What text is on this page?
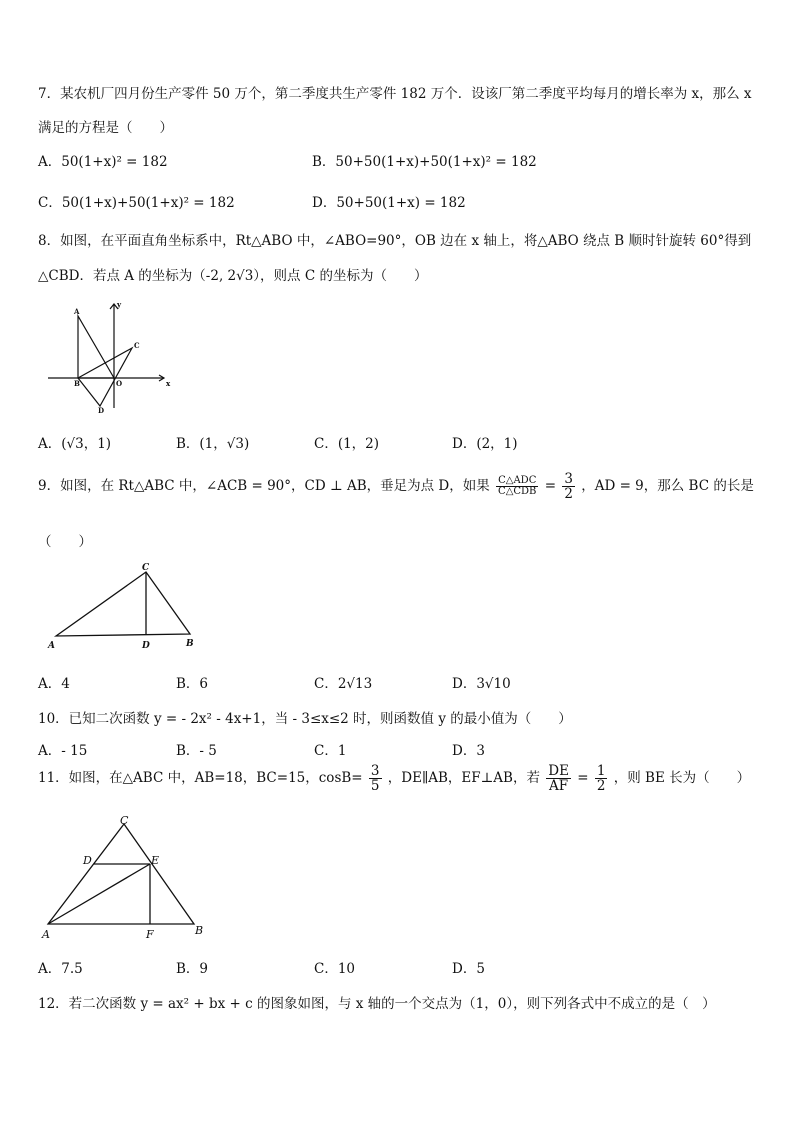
7．某农机厂四月份生产零件 50 万个，第二季度共生产零件 182 万个．设该厂第二季度平均每月的增长率为 x，那么 x
满足的方程是（　　）
A．50(1+x)² = 182	B．50+50(1+x)+50(1+x)² = 182
C．50(1+x)+50(1+x)² = 182	D．50+50(1+x) = 182
8．如图，在平面直角坐标系中，Rt△ABO 中，∠ABO=90°，OB 边在 x 轴上，将△ABO 绕点 B 顺时针旋转 60°得到
△CBD．若点 A 的坐标为（-2, 2√3），则点 C 的坐标为（　　）
A
B
C
D
O	x
y
A．(√3，1)	B．(1，√3)	C．(1，2)	D．(2，1)
9．如图，在 Rt△ABC 中，∠ACB = 90°，CD ⊥ AB，垂足为点 D，如果 $\frac{\text{C△ADC}}{\text{C△CDB}} = \frac{3}{2}$ ，AD = 9，那么 BC 的长是
（　　）
A	B
C
D
A．4	B．6	C．2√13	D．3√10
10．已知二次函数 y = - 2x² - 4x+1，当 - 3≤x≤2 时，则函数值 y 的最小值为（　　）
A．- 15	B．- 5	C．1	D．3
11．如图，在△ABC 中，AB=18，BC=15，$\cos B= \frac{3}{5}$ ，DE∥AB，EF⊥AB，若 $\frac{DE}{AF} = \frac{1}{2}$ ，则 BE 长为（　　）
A	B
C
D	E
F
A．7.5	B．9	C．10	D．5
12．若二次函数 y = ax² + bx + c 的图象如图，与 x 轴的一个交点为（1，0），则下列各式中不成立的是（　）
